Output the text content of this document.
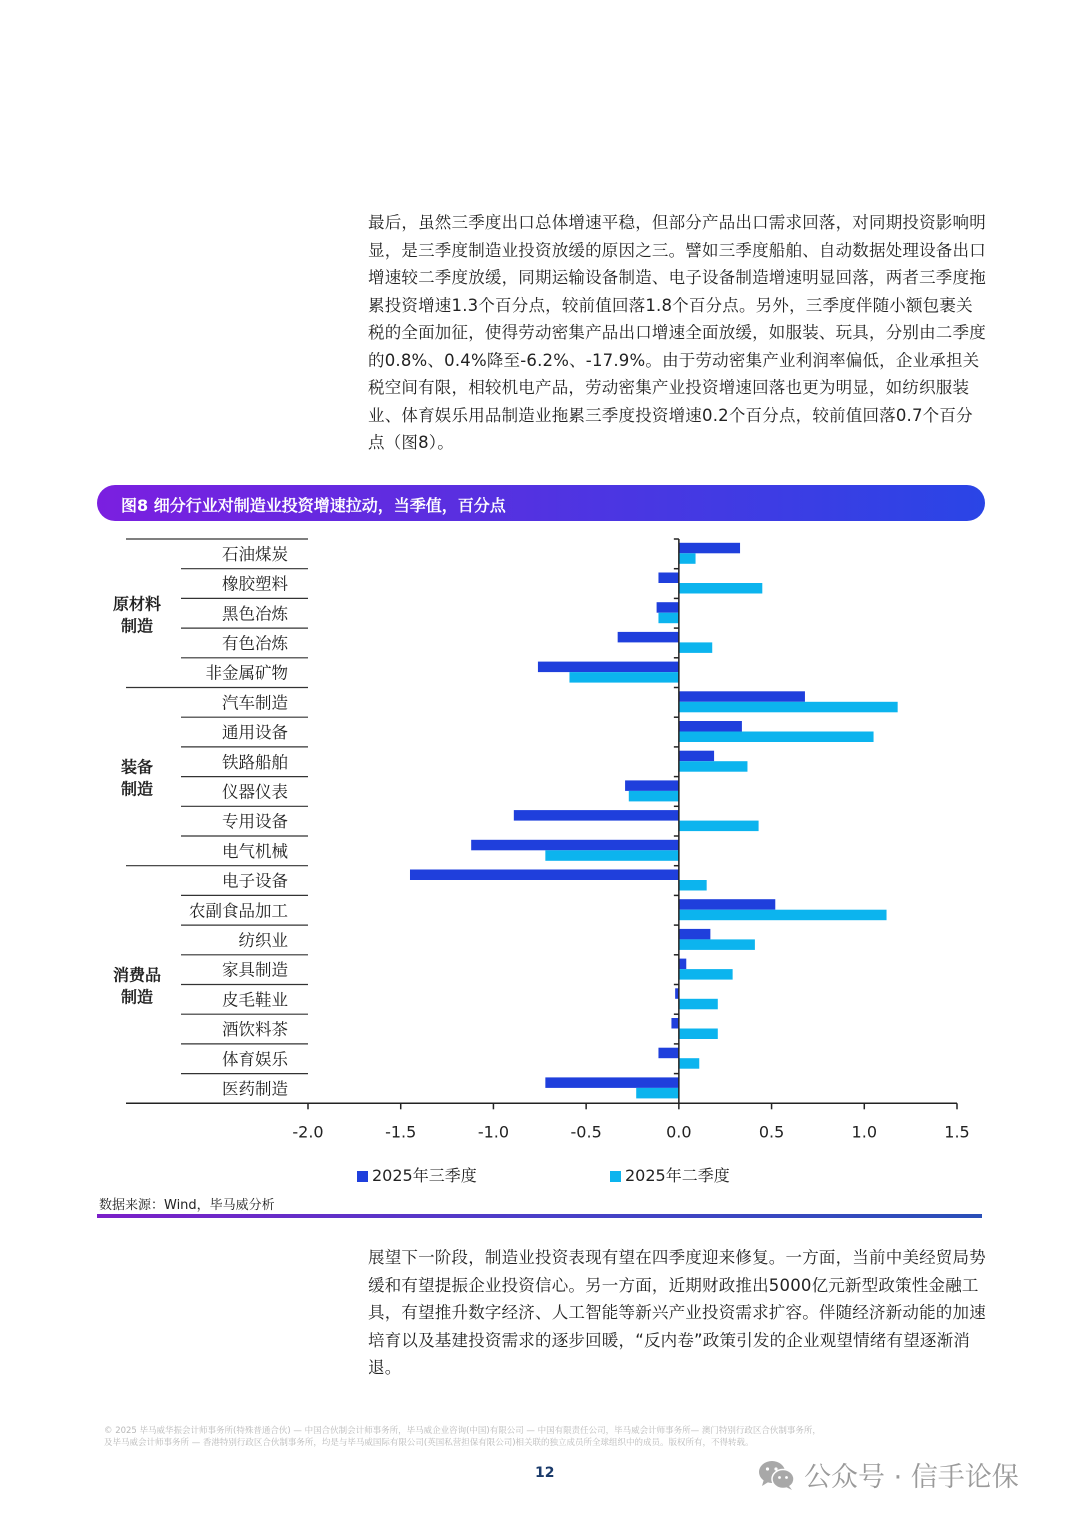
最后，虽然三季度出口总体增速平稳，但部分产品出口需求回落，对同期投资影响明显，是三季度制造业投资放缓的原因之三。譬如三季度船舶、自动数据处理设备出口增速较二季度放缓，同期运输设备制造、电子设备制造增速明显回落，两者三季度拖累投资增速1.3个百分点，较前值回落1.8个百分点。另外，三季度伴随小额包裹关税的全面加征，使得劳动密集产品出口增速全面放缓，如服装、玩具，分别由二季度的0.8%、0.4%降至-6.2%、-17.9%。由于劳动密集产业利润率偏低，企业承担关税空间有限，相较机电产品，劳动密集产业投资增速回落也更为明显，如纺织服装业、体育娱乐用品制造业拖累三季度投资增速0.2个百分点，较前值回落0.7个百分点（图8）。

图8 细分行业对制造业投资增速拉动，当季值，百分点
石油煤炭
橡胶塑料
黑色冶炼
有色冶炼
非金属矿物
汽车制造
通用设备
铁路船舶
仪器仪表
专用设备
电气机械
电子设备
农副食品加工
纺织业
家具制造
皮毛鞋业
酒饮料茶
体育娱乐
医药制造
原材料
制造
装备
制造
消费品
制造
-2.0	-1.5	-1.0	-0.5	0.0	0.5	1.0	1.5
2025年三季度	2025年二季度
数据来源：Wind，毕马威分析

展望下一阶段，制造业投资表现有望在四季度迎来修复。一方面，当前中美经贸局势缓和有望提振企业投资信心。另一方面，近期财政推出5000亿元新型政策性金融工具，有望推升数字经济、人工智能等新兴产业投资需求扩容。伴随经济新动能的加速培育以及基建投资需求的逐步回暖，“反内卷”政策引发的企业观望情绪有望逐渐消退。

© 2025 毕马威华振会计师事务所(特殊普通合伙) — 中国合伙制会计师事务所，毕马威企业咨询(中国)有限公司 — 中国有限责任公司，毕马威会计师事务所— 澳门特别行政区合伙制事务所，
及毕马威会计师事务所 — 香港特别行政区合伙制事务所，均是与毕马威国际有限公司(英国私营担保有限公司)相关联的独立成员所全球组织中的成员。版权所有，不得转载。
12	公众号 · 信手论保
